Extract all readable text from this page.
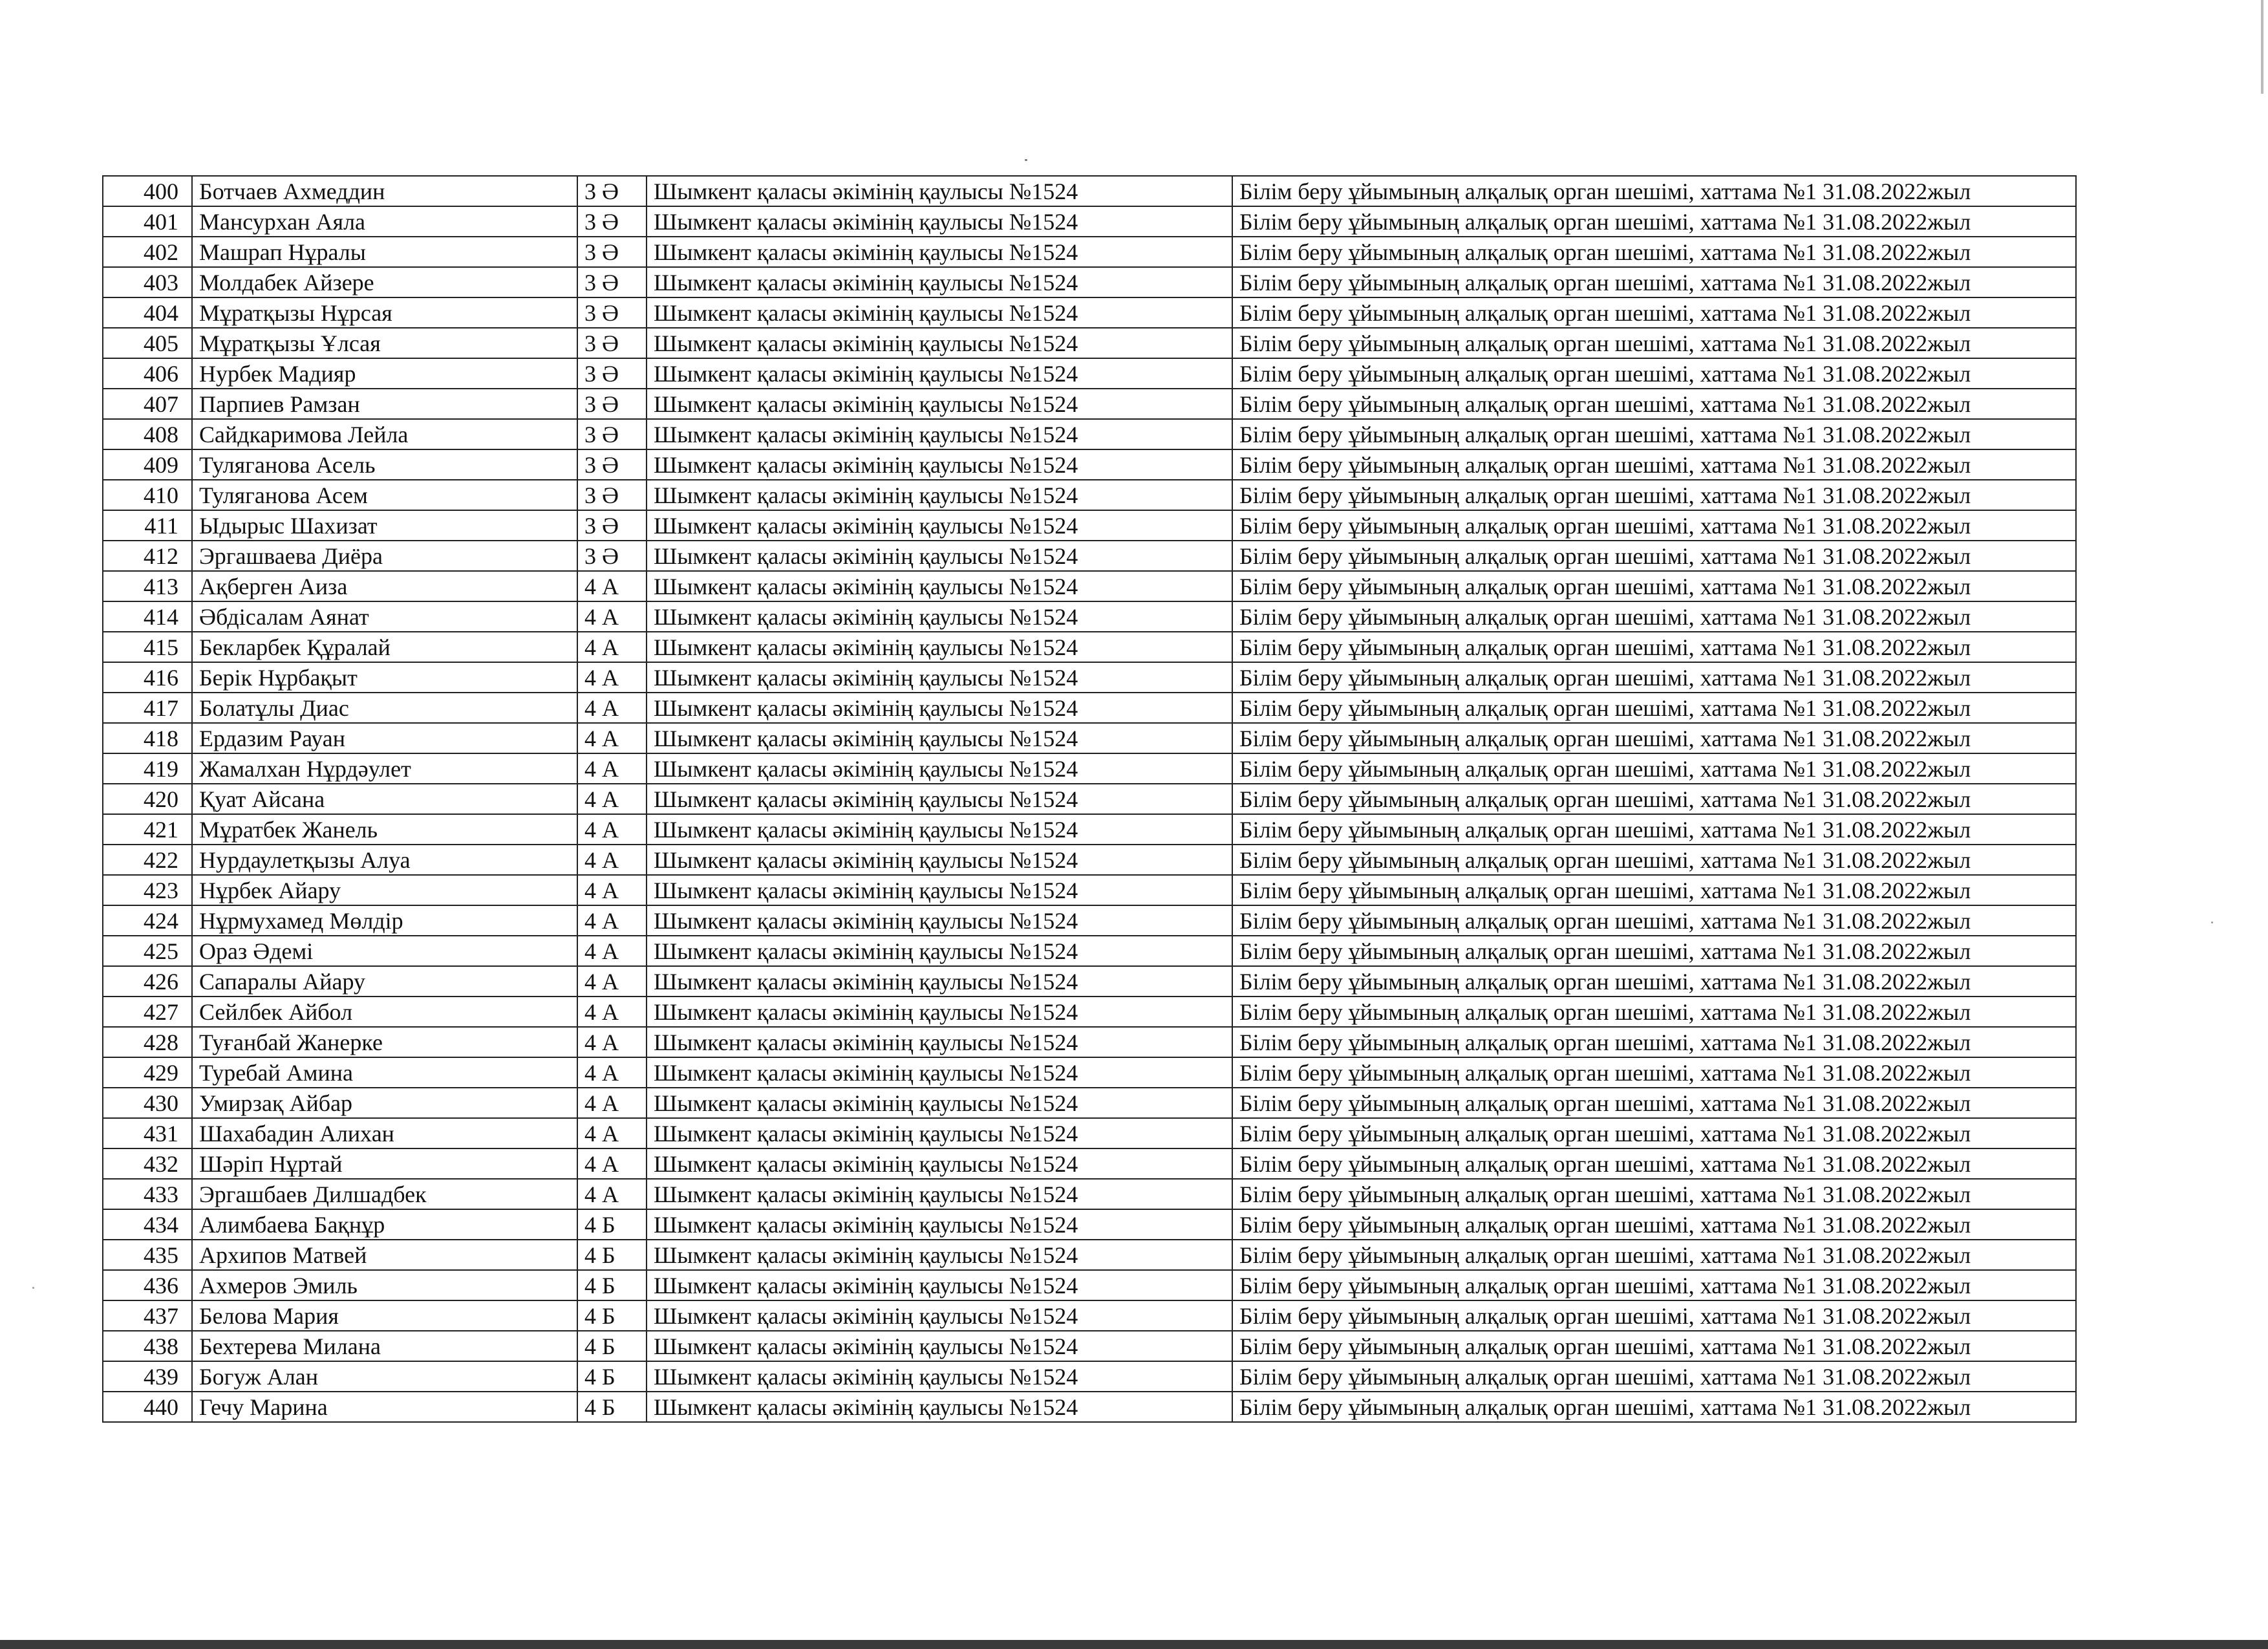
400	Ботчаев Ахмеддин	3 Ә	Шымкент қаласы әкімінің қаулысы №1524	Білім беру ұйымының алқалық орган шешімі, хаттама №1 31.08.2022жыл
401	Мансурхан Аяла	3 Ә	Шымкент қаласы әкімінің қаулысы №1524	Білім беру ұйымының алқалық орган шешімі, хаттама №1 31.08.2022жыл
402	Машрап Нұралы	3 Ә	Шымкент қаласы әкімінің қаулысы №1524	Білім беру ұйымының алқалық орган шешімі, хаттама №1 31.08.2022жыл
403	Молдабек Айзере	3 Ә	Шымкент қаласы әкімінің қаулысы №1524	Білім беру ұйымының алқалық орган шешімі, хаттама №1 31.08.2022жыл
404	Мұратқызы Нұрсая	3 Ә	Шымкент қаласы әкімінің қаулысы №1524	Білім беру ұйымының алқалық орган шешімі, хаттама №1 31.08.2022жыл
405	Мұратқызы Ұлсая	3 Ә	Шымкент қаласы әкімінің қаулысы №1524	Білім беру ұйымының алқалық орган шешімі, хаттама №1 31.08.2022жыл
406	Нурбек Мадияр	3 Ә	Шымкент қаласы әкімінің қаулысы №1524	Білім беру ұйымының алқалық орган шешімі, хаттама №1 31.08.2022жыл
407	Парпиев Рамзан	3 Ә	Шымкент қаласы әкімінің қаулысы №1524	Білім беру ұйымының алқалық орган шешімі, хаттама №1 31.08.2022жыл
408	Сайдкаримова Лейла	3 Ә	Шымкент қаласы әкімінің қаулысы №1524	Білім беру ұйымының алқалық орган шешімі, хаттама №1 31.08.2022жыл
409	Туляганова Асель	3 Ә	Шымкент қаласы әкімінің қаулысы №1524	Білім беру ұйымының алқалық орган шешімі, хаттама №1 31.08.2022жыл
410	Туляганова Асем	3 Ә	Шымкент қаласы әкімінің қаулысы №1524	Білім беру ұйымының алқалық орган шешімі, хаттама №1 31.08.2022жыл
411	Ыдырыс Шахизат	3 Ә	Шымкент қаласы әкімінің қаулысы №1524	Білім беру ұйымының алқалық орган шешімі, хаттама №1 31.08.2022жыл
412	Эргашваева Диёра	3 Ә	Шымкент қаласы әкімінің қаулысы №1524	Білім беру ұйымының алқалық орган шешімі, хаттама №1 31.08.2022жыл
413	Ақберген Аиза	4 А	Шымкент қаласы әкімінің қаулысы №1524	Білім беру ұйымының алқалық орган шешімі, хаттама №1 31.08.2022жыл
414	Әбдісалам Аянат	4 А	Шымкент қаласы әкімінің қаулысы №1524	Білім беру ұйымының алқалық орган шешімі, хаттама №1 31.08.2022жыл
415	Бекларбек Құралай	4 А	Шымкент қаласы әкімінің қаулысы №1524	Білім беру ұйымының алқалық орган шешімі, хаттама №1 31.08.2022жыл
416	Берік Нұрбақыт	4 А	Шымкент қаласы әкімінің қаулысы №1524	Білім беру ұйымының алқалық орган шешімі, хаттама №1 31.08.2022жыл
417	Болатұлы Диас	4 А	Шымкент қаласы әкімінің қаулысы №1524	Білім беру ұйымының алқалық орган шешімі, хаттама №1 31.08.2022жыл
418	Ердазим Рауан	4 А	Шымкент қаласы әкімінің қаулысы №1524	Білім беру ұйымының алқалық орган шешімі, хаттама №1 31.08.2022жыл
419	Жамалхан Нұрдәулет	4 А	Шымкент қаласы әкімінің қаулысы №1524	Білім беру ұйымының алқалық орган шешімі, хаттама №1 31.08.2022жыл
420	Қуат Айсана	4 А	Шымкент қаласы әкімінің қаулысы №1524	Білім беру ұйымының алқалық орган шешімі, хаттама №1 31.08.2022жыл
421	Мұратбек Жанель	4 А	Шымкент қаласы әкімінің қаулысы №1524	Білім беру ұйымының алқалық орган шешімі, хаттама №1 31.08.2022жыл
422	Нурдаулетқызы Алуа	4 А	Шымкент қаласы әкімінің қаулысы №1524	Білім беру ұйымының алқалық орган шешімі, хаттама №1 31.08.2022жыл
423	Нұрбек Айару	4 А	Шымкент қаласы әкімінің қаулысы №1524	Білім беру ұйымының алқалық орган шешімі, хаттама №1 31.08.2022жыл
424	Нұрмухамед Мөлдір	4 А	Шымкент қаласы әкімінің қаулысы №1524	Білім беру ұйымының алқалық орган шешімі, хаттама №1 31.08.2022жыл
425	Ораз Әдемі	4 А	Шымкент қаласы әкімінің қаулысы №1524	Білім беру ұйымының алқалық орган шешімі, хаттама №1 31.08.2022жыл
426	Сапаралы Айару	4 А	Шымкент қаласы әкімінің қаулысы №1524	Білім беру ұйымының алқалық орган шешімі, хаттама №1 31.08.2022жыл
427	Сейлбек Айбол	4 А	Шымкент қаласы әкімінің қаулысы №1524	Білім беру ұйымының алқалық орган шешімі, хаттама №1 31.08.2022жыл
428	Туғанбай Жанерке	4 А	Шымкент қаласы әкімінің қаулысы №1524	Білім беру ұйымының алқалық орган шешімі, хаттама №1 31.08.2022жыл
429	Туребай Амина	4 А	Шымкент қаласы әкімінің қаулысы №1524	Білім беру ұйымының алқалық орган шешімі, хаттама №1 31.08.2022жыл
430	Умирзақ Айбар	4 А	Шымкент қаласы әкімінің қаулысы №1524	Білім беру ұйымының алқалық орган шешімі, хаттама №1 31.08.2022жыл
431	Шахабадин Алихан	4 А	Шымкент қаласы әкімінің қаулысы №1524	Білім беру ұйымының алқалық орган шешімі, хаттама №1 31.08.2022жыл
432	Шәріп Нұртай	4 А	Шымкент қаласы әкімінің қаулысы №1524	Білім беру ұйымының алқалық орган шешімі, хаттама №1 31.08.2022жыл
433	Эргашбаев Дилшадбек	4 А	Шымкент қаласы әкімінің қаулысы №1524	Білім беру ұйымының алқалық орган шешімі, хаттама №1 31.08.2022жыл
434	Алимбаева Бақнұр	4 Б	Шымкент қаласы әкімінің қаулысы №1524	Білім беру ұйымының алқалық орган шешімі, хаттама №1 31.08.2022жыл
435	Архипов Матвей	4 Б	Шымкент қаласы әкімінің қаулысы №1524	Білім беру ұйымының алқалық орган шешімі, хаттама №1 31.08.2022жыл
436	Ахмеров Эмиль	4 Б	Шымкент қаласы әкімінің қаулысы №1524	Білім беру ұйымының алқалық орган шешімі, хаттама №1 31.08.2022жыл
437	Белова Мария	4 Б	Шымкент қаласы әкімінің қаулысы №1524	Білім беру ұйымының алқалық орган шешімі, хаттама №1 31.08.2022жыл
438	Бехтерева Милана	4 Б	Шымкент қаласы әкімінің қаулысы №1524	Білім беру ұйымының алқалық орган шешімі, хаттама №1 31.08.2022жыл
439	Богуж Алан	4 Б	Шымкент қаласы әкімінің қаулысы №1524	Білім беру ұйымының алқалық орган шешімі, хаттама №1 31.08.2022жыл
440	Гечу Марина	4 Б	Шымкент қаласы әкімінің қаулысы №1524	Білім беру ұйымының алқалық орган шешімі, хаттама №1 31.08.2022жыл
